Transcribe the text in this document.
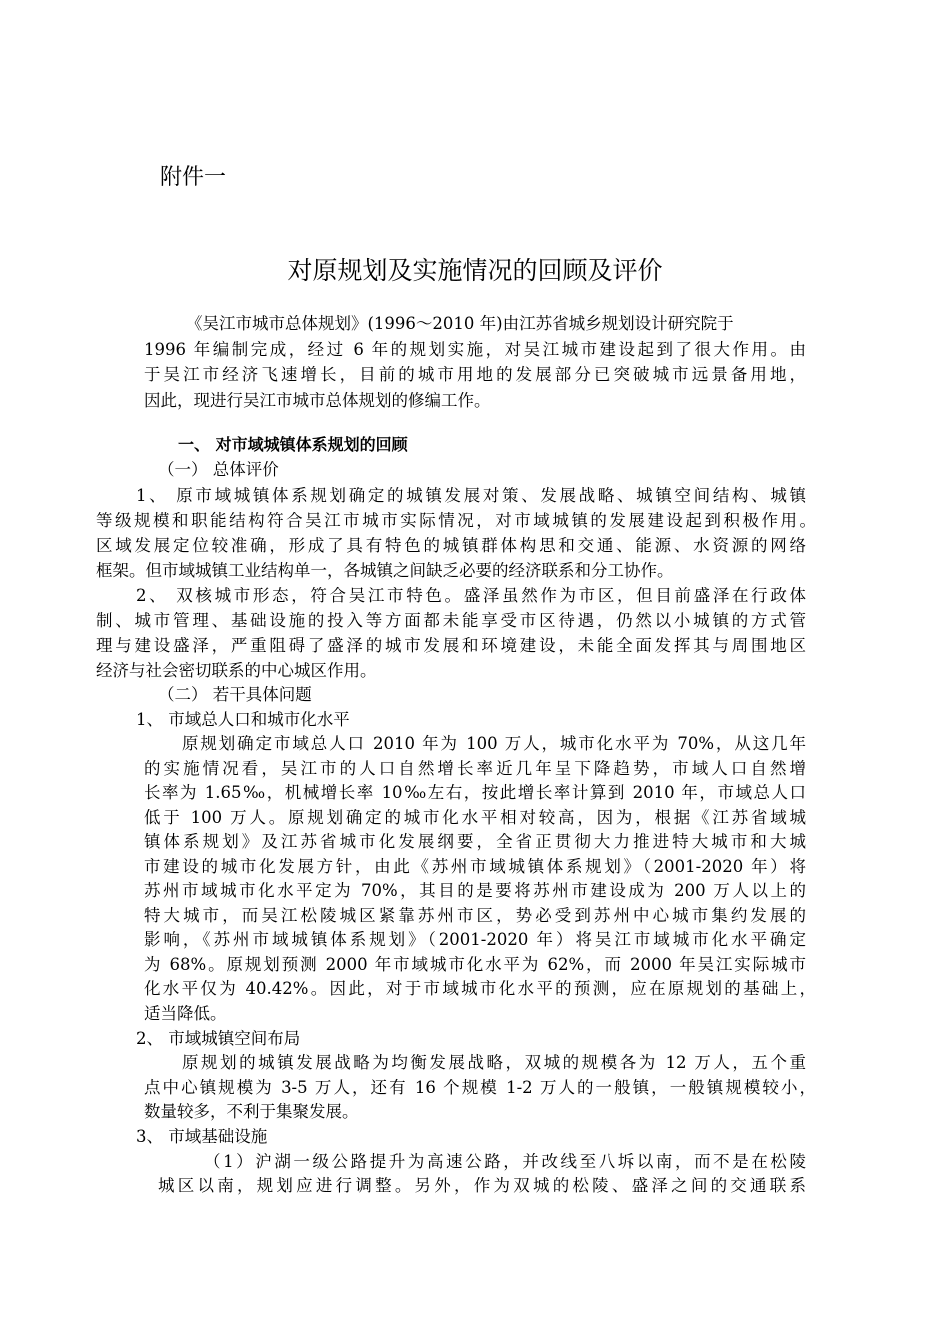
附件一

对原规划及实施情况的回顾及评价

《吴江市城市总体规划》(1996～2010 年)由江苏省城乡规划设计研究院于

1996 年编制完成，经过 6 年的规划实施，对吴江城市建设起到了很大作用。由

于吴江市经济飞速增长，目前的城市用地的发展部分已突破城市远景备用地，

因此，现进行吴江市城市总体规划的修编工作。

一、 对市域城镇体系规划的回顾

（一） 总体评价

1、 原市域城镇体系规划确定的城镇发展对策、发展战略、城镇空间结构、城镇

等级规模和职能结构符合吴江市城市实际情况，对市域城镇的发展建设起到积极作用。

区域发展定位较准确，形成了具有特色的城镇群体构思和交通、能源、水资源的网络

框架。但市域城镇工业结构单一，各城镇之间缺乏必要的经济联系和分工协作。

2、 双核城市形态，符合吴江市特色。盛泽虽然作为市区，但目前盛泽在行政体

制、城市管理、基础设施的投入等方面都未能享受市区待遇，仍然以小城镇的方式管

理与建设盛泽，严重阻碍了盛泽的城市发展和环境建设，未能全面发挥其与周围地区

经济与社会密切联系的中心城区作用。

（二） 若干具体问题

1、 市域总人口和城市化水平

原规划确定市域总人口 2010 年为 100 万人，城市化水平为 70%，从这几年

的实施情况看，吴江市的人口自然增长率近几年呈下降趋势，市域人口自然增

长率为 1.65‰，机械增长率 10‰左右，按此增长率计算到 2010 年，市域总人口

低于 100 万人。原规划确定的城市化水平相对较高，因为，根据《江苏省域城

镇体系规划》及江苏省城市化发展纲要，全省正贯彻大力推进特大城市和大城

市建设的城市化发展方针，由此《苏州市域城镇体系规划》（2001-2020 年）将

苏州市域城市化水平定为 70%，其目的是要将苏州市建设成为 200 万人以上的

特大城市，而吴江松陵城区紧靠苏州市区，势必受到苏州中心城市集约发展的

影响，《苏州市域城镇体系规划》（2001-2020 年）将吴江市域城市化水平确定

为 68%。原规划预测 2000 年市域城市化水平为 62%，而 2000 年吴江实际城市

化水平仅为 40.42%。因此，对于市域城市化水平的预测，应在原规划的基础上，

适当降低。

2、 市域城镇空间布局

原规划的城镇发展战略为均衡发展战略，双城的规模各为 12 万人，五个重

点中心镇规模为 3-5 万人，还有 16 个规模 1-2 万人的一般镇，一般镇规模较小，

数量较多，不利于集聚发展。

3、 市域基础设施

（1）沪湖一级公路提升为高速公路，并改线至八坼以南，而不是在松陵

城区以南，规划应进行调整。另外，作为双城的松陵、盛泽之间的交通联系
